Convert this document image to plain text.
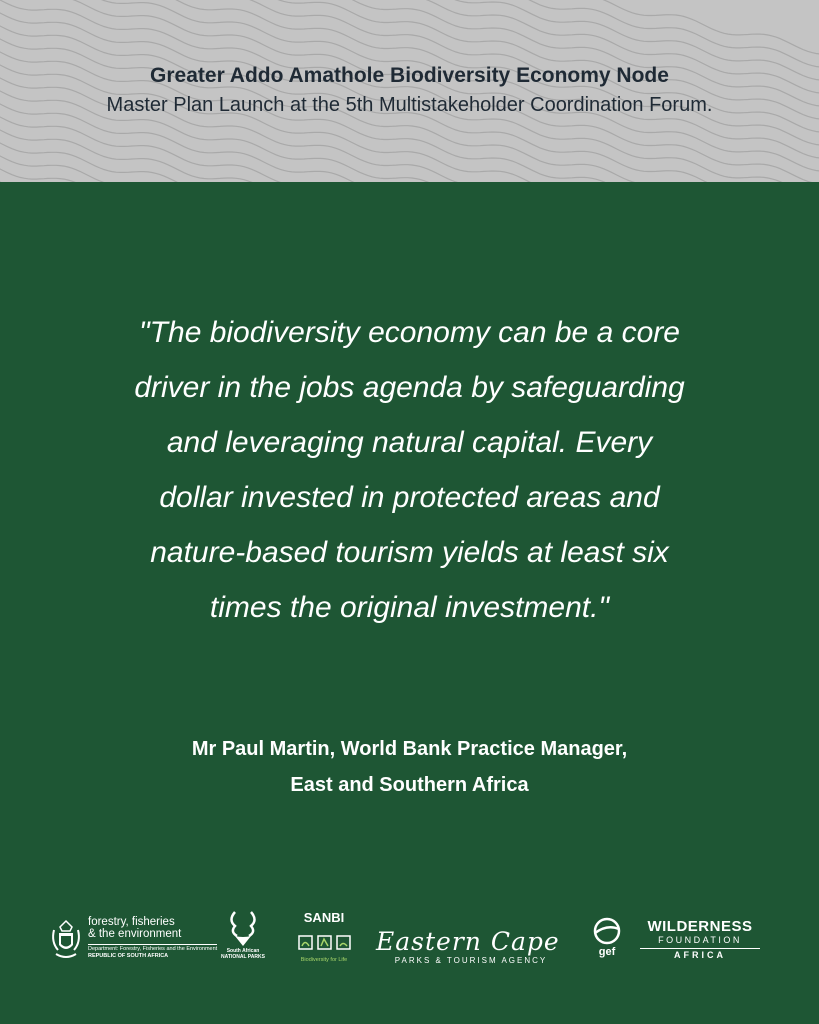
Greater Addo Amathole Biodiversity Economy Node
Master Plan Launch at the 5th Multistakeholder Coordination Forum.
"The biodiversity economy can be a core
driver in the jobs agenda by safeguarding
and leveraging natural capital. Every
dollar invested in protected areas and
nature-based tourism yields at least six
times the original investment."
Mr Paul Martin, World Bank Practice Manager,
East and Southern Africa
forestry, fisheries
& the environment
Department: Forestry, Fisheries and the Environment
REPUBLIC OF SOUTH AFRICA
South African
NATIONAL PARKS
SANBI
Biodiversity for Life
Eastern Cape
PARKS & TOURISM AGENCY
gef
WILDERNESS
FOUNDATION
AFRICA
